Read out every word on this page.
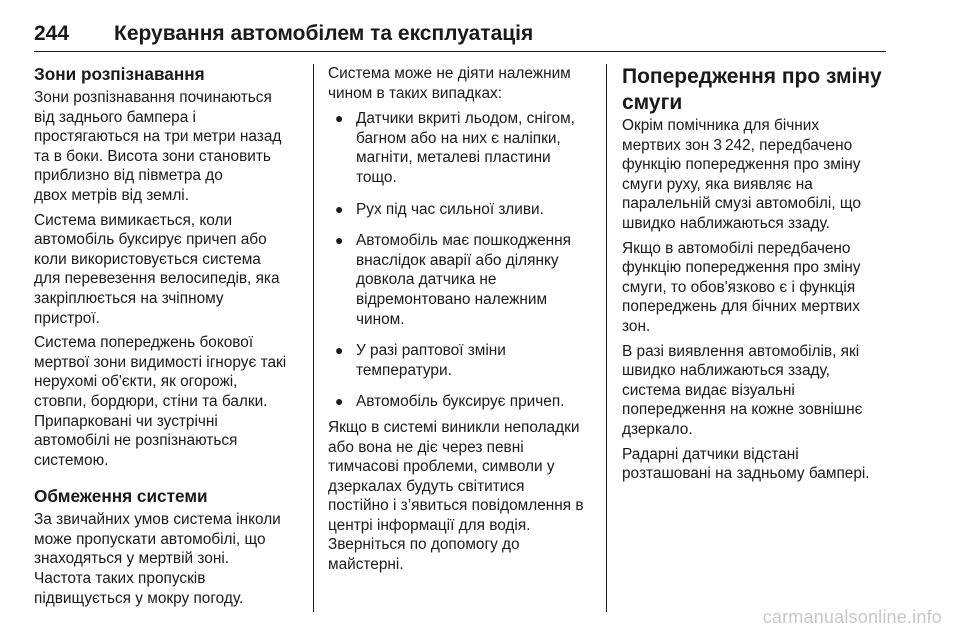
244 Керування автомобілем та експлуатація
Зони розпізнавання

Зони розпізнавання починаються
від заднього бампера і
простягаються на три метри назад
та в боки. Висота зони становить
приблизно від півметра до
двох метрів від землі.

Система вимикається, коли
автомобіль буксирує причеп або
коли використовується система
для перевезення велосипедів, яка
закріплюється на зчіпному
пристрої.

Система попереджень бокової
мертвої зони видимості ігнорує такі
нерухомі об'єкти, як огорожі,
стовпи, бордюри, стіни та балки.
Припарковані чи зустрічні
автомобілі не розпізнаються
системою.

Обмеження системи

За звичайних умов система інколи
може пропускати автомобілі, що
знаходяться у мертвій зоні.
Частота таких пропусків
підвищується у мокру погоду.

Система може не діяти належним
чином в таких випадках:

● Датчики вкриті льодом, снігом,
багном або на них є наліпки,
магніти, металеві пластини
тощо.
● Рух під час сильної зливи.
● Автомобіль має пошкодження
внаслідок аварії або ділянку
довкола датчика не
відремонтовано належним
чином.
● У разі раптової зміни
температури.
● Автомобіль буксирує причеп.

Якщо в системі виникли неполадки
або вона не діє через певні
тимчасові проблеми, символи у
дзеркалах будуть світитися
постійно і з’явиться повідомлення в
центрі інформації для водія.
Зверніться по допомогу до
майстерні.

Попередження про зміну
смуги

Окрім помічника для бічних
мертвих зон 3 242, передбачено
функцію попередження про зміну
смуги руху, яка виявляє на
паралельній смузі автомобілі, що
швидко наближаються ззаду.

Якщо в автомобілі передбачено
функцію попередження про зміну
смуги, то обов'язково є і функція
попереджень для бічних мертвих
зон.

В разі виявлення автомобілів, які
швидко наближаються ззаду,
система видає візуальні
попередження на кожне зовнішнє
дзеркало.

Радарні датчики відстані
розташовані на задньому бампері.

carmanualsonline.info
